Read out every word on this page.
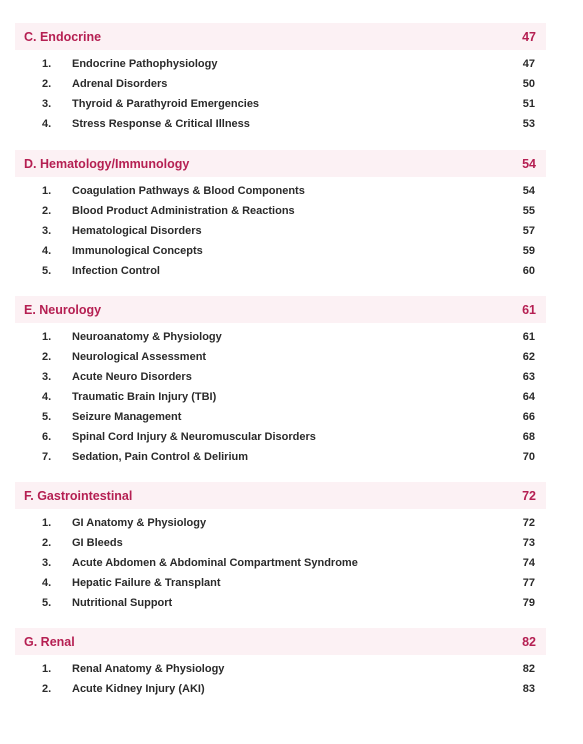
C. Endocrine	47
1.	Endocrine Pathophysiology	47
2.	Adrenal Disorders	50
3.	Thyroid & Parathyroid Emergencies	51
4.	Stress Response & Critical Illness	53
D. Hematology/Immunology	54
1.	Coagulation Pathways & Blood Components	54
2.	Blood Product Administration & Reactions	55
3.	Hematological Disorders	57
4.	Immunological Concepts	59
5.	Infection Control	60
E. Neurology	61
1.	Neuroanatomy & Physiology	61
2.	Neurological Assessment	62
3.	Acute Neuro Disorders	63
4.	Traumatic Brain Injury (TBI)	64
5.	Seizure Management	66
6.	Spinal Cord Injury & Neuromuscular Disorders	68
7.	Sedation, Pain Control & Delirium	70
F. Gastrointestinal	72
1.	GI Anatomy & Physiology	72
2.	GI Bleeds	73
3.	Acute Abdomen & Abdominal Compartment Syndrome	74
4.	Hepatic Failure & Transplant	77
5.	Nutritional Support	79
G. Renal	82
1.	Renal Anatomy & Physiology	82
2.	Acute Kidney Injury (AKI)	83
